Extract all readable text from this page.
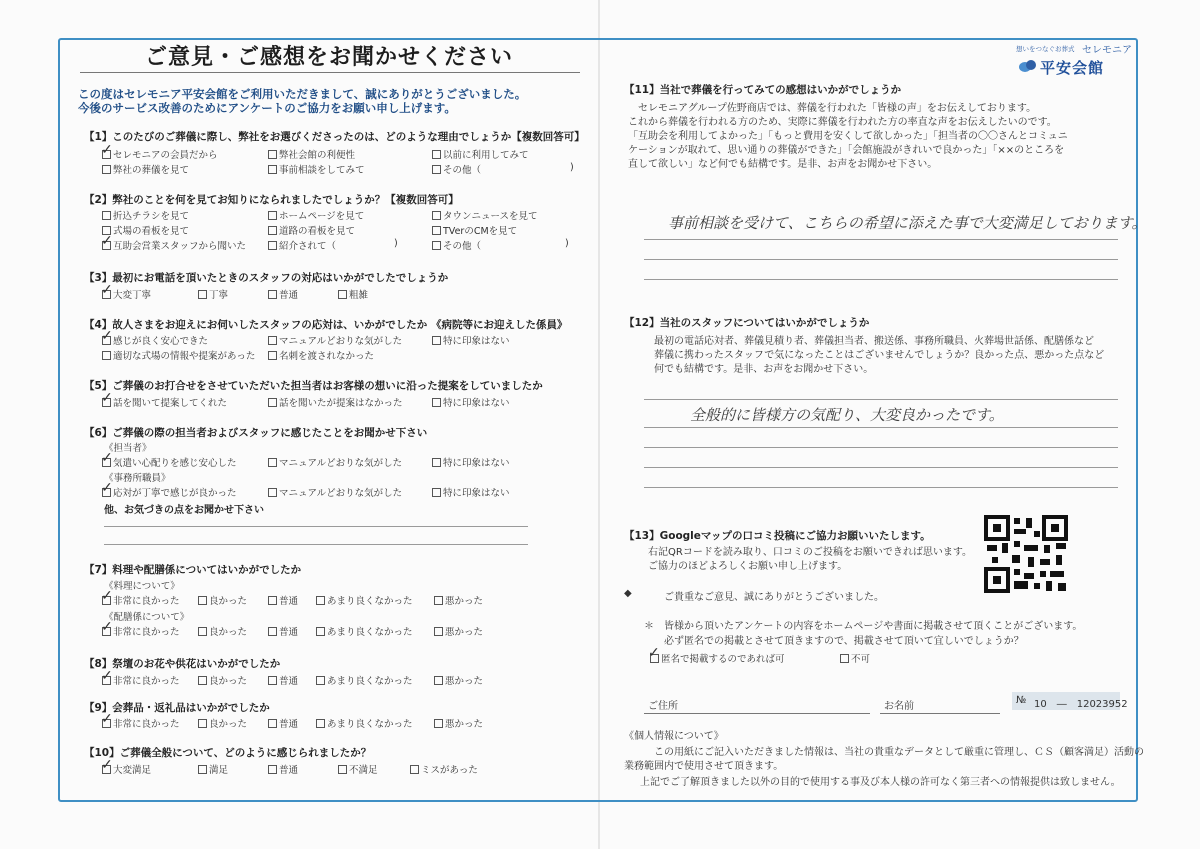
想いをつなぐお葬式 セレモニア
平安会館
ご意見・ご感想をお聞かせください
この度はセレモニア平安会館をご利用いただきまして、誠にありがとうございました。
今後のサービス改善のためにアンケートのご協力をお願い申し上げます。
【1】このたびのご葬儀に際し、弊社をお選びくださったのは、どのような理由でしょうか【複数回答可】
セレモニアの会員だから	弊社会館の利便性	以前に利用してみて
弊社の葬儀を見て	事前相談をしてみて	その他（	)
✓
【2】弊社のことを何を見てお知りになられましたでしょうか？【複数回答可】
折込チラシを見て	ホームページを見て	タウンニュースを見て
式場の看板を見て	道路の看板を見て	TVerのCMを見て
互助会営業スタッフから聞いた	紹介されて（	)	その他（	)
✓
【3】最初にお電話を頂いたときのスタッフの対応はいかがでしたでしょうか
大変丁寧	丁寧	普通	粗雑
✓
【4】故人さまをお迎えにお伺いしたスタッフの応対は、いかがでしたか 《病院等にお迎えした係員》
感じが良く安心できた	マニュアルどおりな気がした	特に印象はない
適切な式場の情報や提案があった	名刺を渡されなかった
✓
【5】ご葬儀のお打合せをさせていただいた担当者はお客様の想いに沿った提案をしていましたか
話を聞いて提案してくれた	話を聞いたが提案はなかった	特に印象はない
✓
【6】ご葬儀の際の担当者およびスタッフに感じたことをお聞かせ下さい
《担当者》
気遣い心配りを感じ安心した	マニュアルどおりな気がした	特に印象はない
✓
《事務所職員》
応対が丁寧で感じが良かった	マニュアルどおりな気がした	特に印象はない
✓
他、お気づきの点をお聞かせ下さい
【7】料理や配膳係についてはいかがでしたか
《料理について》
非常に良かった	良かった	普通	あまり良くなかった	悪かった
✓
《配膳係について》
非常に良かった	良かった	普通	あまり良くなかった	悪かった
✓
【8】祭壇のお花や供花はいかがでしたか
非常に良かった	良かった	普通	あまり良くなかった	悪かった
✓
【9】会葬品・返礼品はいかがでしたか
非常に良かった	良かった	普通	あまり良くなかった	悪かった
✓
【10】ご葬儀全般について、どのように感じられましたか？
大変満足	満足	普通	不満足	ミスがあった
✓
【11】当社で葬儀を行ってみての感想はいかがでしょうか
セレモニアグループ佐野商店では、葬儀を行われた「皆様の声」をお伝えしております。
これから葬儀を行われる方のため、実際に葬儀を行われた方の率直な声をお伝えしたいのです。
「互助会を利用してよかった」「もっと費用を安くして欲しかった」「担当者の〇〇さんとコミュニ
ケーションが取れて、思い通りの葬儀ができた」「会館施設がきれいで良かった」「××のところを
直して欲しい」など何でも結構です。是非、お声をお聞かせ下さい。
事前相談を受けて、こちらの希望に添えた事で大変満足しております。
【12】当社のスタッフについてはいかがでしょうか
最初の電話応対者、葬儀見積り者、葬儀担当者、搬送係、事務所職員、火葬場世話係、配膳係など
葬儀に携わったスタッフで気になったことはございませんでしょうか？良かった点、悪かった点など
何でも結構です。是非、お声をお聞かせ下さい。
全般的に皆様方の気配り、大変良かったです。
【13】Googleマップの口コミ投稿にご協力お願いいたします。
右記QRコードを読み取り、口コミのご投稿をお願いできれば思います。
ご協力のほどよろしくお願い申し上げます。
◆	ご貴重なご意見、誠にありがとうございました。
＊ 皆様から頂いたアンケートの内容をホームページや書面に掲載させて頂くことがございます。
必ず匿名での掲載とさせて頂きますので、掲載させて頂いて宜しいでしょうか？
匿名で掲載するのであれば可
✓	不可
ご住所	お名前
№ 10　―　12023952
《個人情報について》
この用紙にご記入いただきました情報は、当社の貴重なデータとして厳重に管理し、ＣＳ（顧客満足）活動の
業務範囲内で使用させて頂きます。
上記でご了解頂きました以外の目的で使用する事及び本人様の許可なく第三者への情報提供は致しません。
